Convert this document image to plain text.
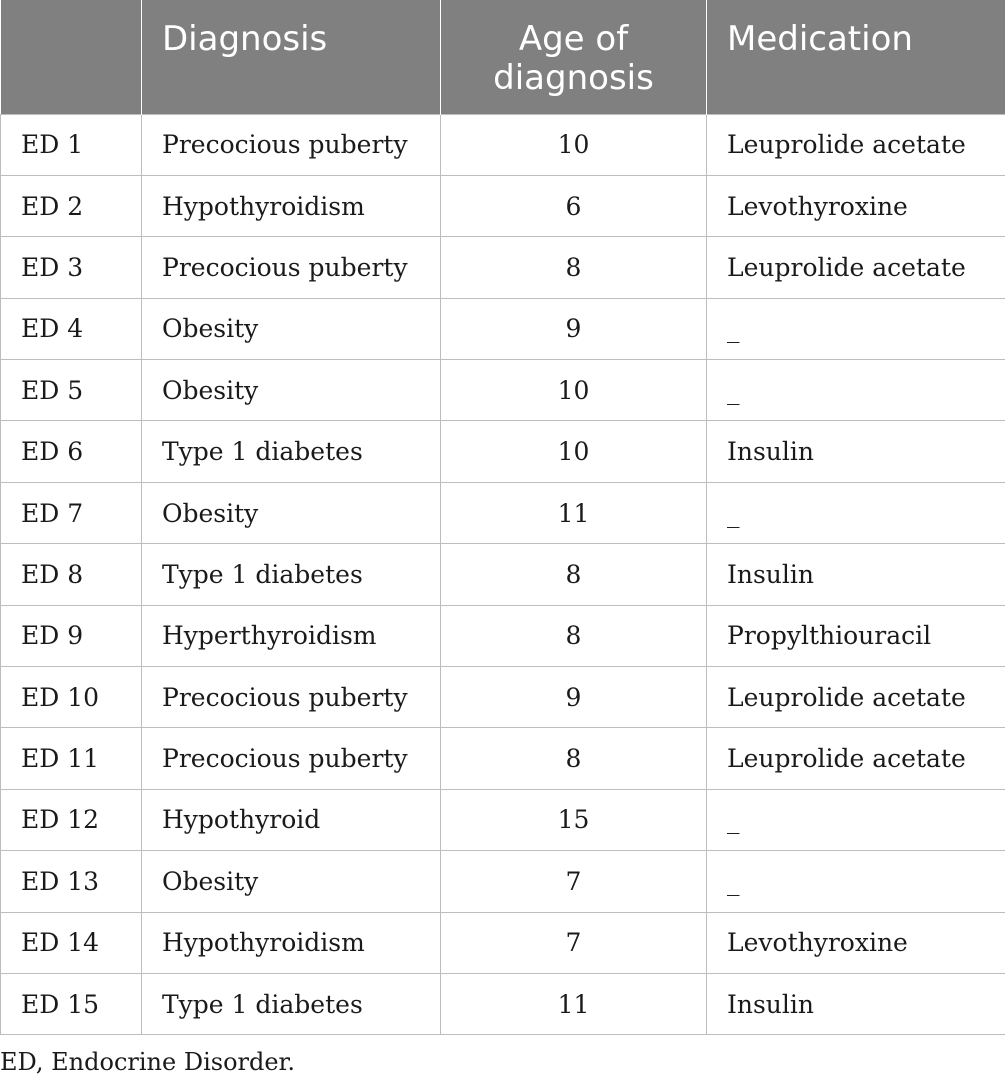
	Diagnosis	Age of diagnosis	Medication
ED 1	Precocious puberty	10	Leuprolide acetate
ED 2	Hypothyroidism	6	Levothyroxine
ED 3	Precocious puberty	8	Leuprolide acetate
ED 4	Obesity	9	_
ED 5	Obesity	10	_
ED 6	Type 1 diabetes	10	Insulin
ED 7	Obesity	11	_
ED 8	Type 1 diabetes	8	Insulin
ED 9	Hyperthyroidism	8	Propylthiouracil
ED 10	Precocious puberty	9	Leuprolide acetate
ED 11	Precocious puberty	8	Leuprolide acetate
ED 12	Hypothyroid	15	_
ED 13	Obesity	7	_
ED 14	Hypothyroidism	7	Levothyroxine
ED 15	Type 1 diabetes	11	Insulin
ED, Endocrine Disorder.
